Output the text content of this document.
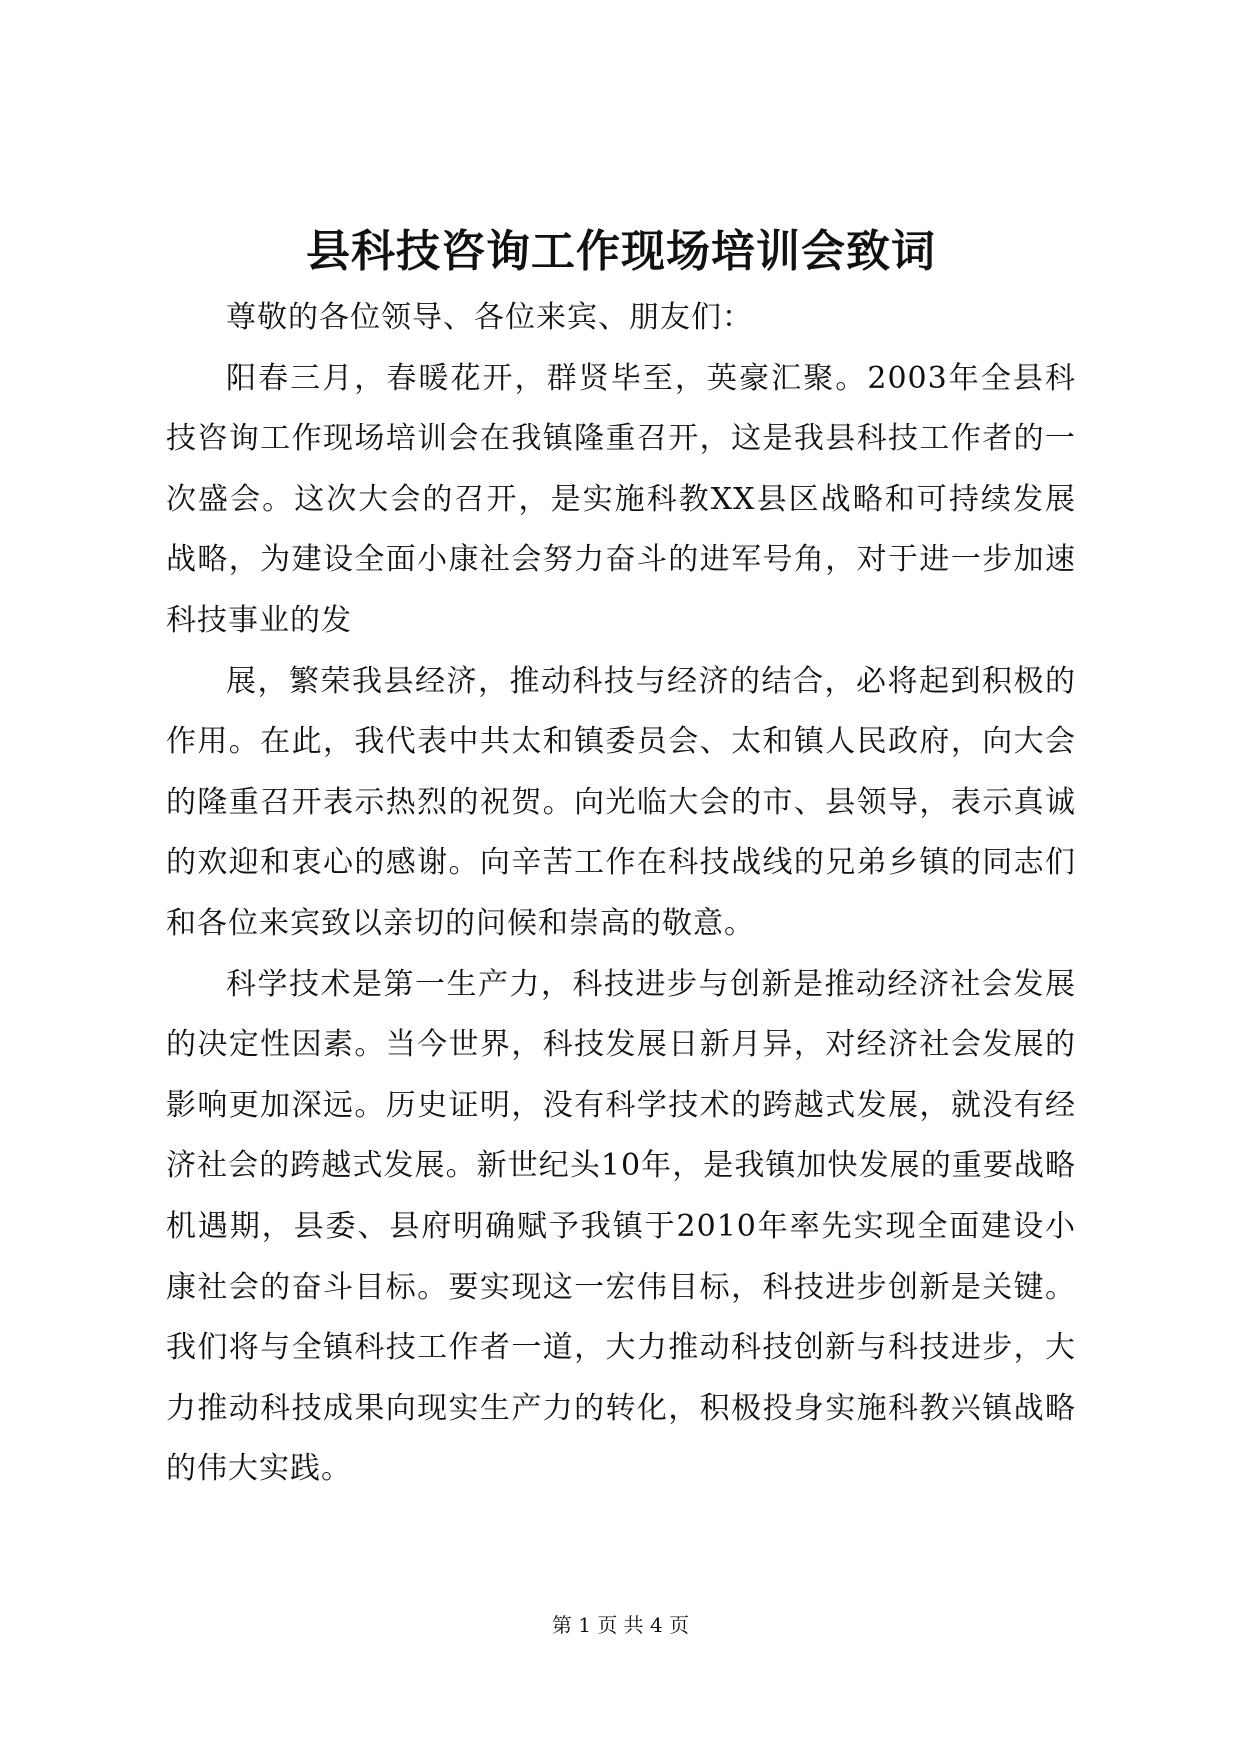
县科技咨询工作现场培训会致词

尊敬的各位领导、各位来宾、朋友们：

阳春三月，春暖花开，群贤毕至，英豪汇聚。2003年全县科技咨询工作现场培训会在我镇隆重召开，这是我县科技工作者的一次盛会。这次大会的召开，是实施科教XX县区战略和可持续发展战略，为建设全面小康社会努力奋斗的进军号角，对于进一步加速科技事业的发

展，繁荣我县经济，推动科技与经济的结合，必将起到积极的作用。在此，我代表中共太和镇委员会、太和镇人民政府，向大会的隆重召开表示热烈的祝贺。向光临大会的市、县领导，表示真诚的欢迎和衷心的感谢。向辛苦工作在科技战线的兄弟乡镇的同志们和各位来宾致以亲切的问候和崇高的敬意。

科学技术是第一生产力，科技进步与创新是推动经济社会发展的决定性因素。当今世界，科技发展日新月异，对经济社会发展的影响更加深远。历史证明，没有科学技术的跨越式发展，就没有经济社会的跨越式发展。新世纪头10年，是我镇加快发展的重要战略机遇期，县委、县府明确赋予我镇于2010年率先实现全面建设小康社会的奋斗目标。要实现这一宏伟目标，科技进步创新是关键。我们将与全镇科技工作者一道，大力推动科技创新与科技进步，大力推动科技成果向现实生产力的转化，积极投身实施科教兴镇战略的伟大实践。

第 1 页 共 4 页
